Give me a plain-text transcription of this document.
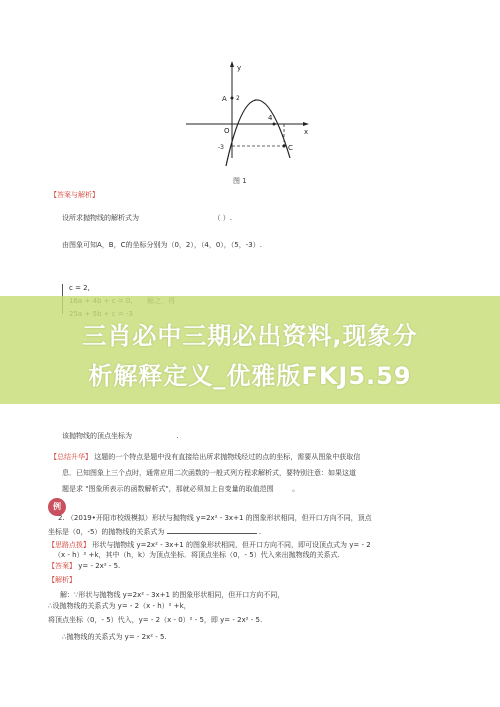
y
x
A
C
O
4
2
-3
图 1
【答案与解析】
设所求抛物线的解析式为	（ ）.
由图象可知A，B，C的坐标分别为（0，2），（4，0），（5，-3）.
c = 2,
三肖必中三期必出资料,现象分
析解释定义_优雅版FKJ5.59
该抛物线的顶点坐标为	.
【总结升华】 这题的一个特点是题中没有直接给出所求抛物线经过的点的坐标，需要从图象中获取信
息．已知图象上三个点时，通常应用二次函数的一般式列方程求解析式，要特别注意：如果这道
题是求 "图象所表示的函数解析式"，那就必须加上自变量的取值范围	。
例
2. （2019•开阳市校级模拟）形状与抛物线 y=2x² - 3x+1 的图象形状相同，但开口方向不同，顶点
坐标是（0，-5）的抛物线的关系式为	.
【思路点拨】 形状与抛物线 y=2x² - 3x+1 的图象形状相同，但开口方向不同，即可设顶点式为 y= - 2
（x - h）² +k，其中（h，k）为顶点坐标．将顶点坐标（0，- 5）代入来出抛物线的关系式.
【答案】 y= - 2x² - 5.
【解析】
解：∵形状与抛物线 y=2x² - 3x+1 的图象形状相同，但开口方向不同，
∴设抛物线的关系式为 y= - 2（x - h）² +k，
将顶点坐标（0，- 5）代入，y= - 2（x - 0）² - 5，即 y= - 2x² - 5.
∴抛物线的关系式为 y= - 2x² - 5.
